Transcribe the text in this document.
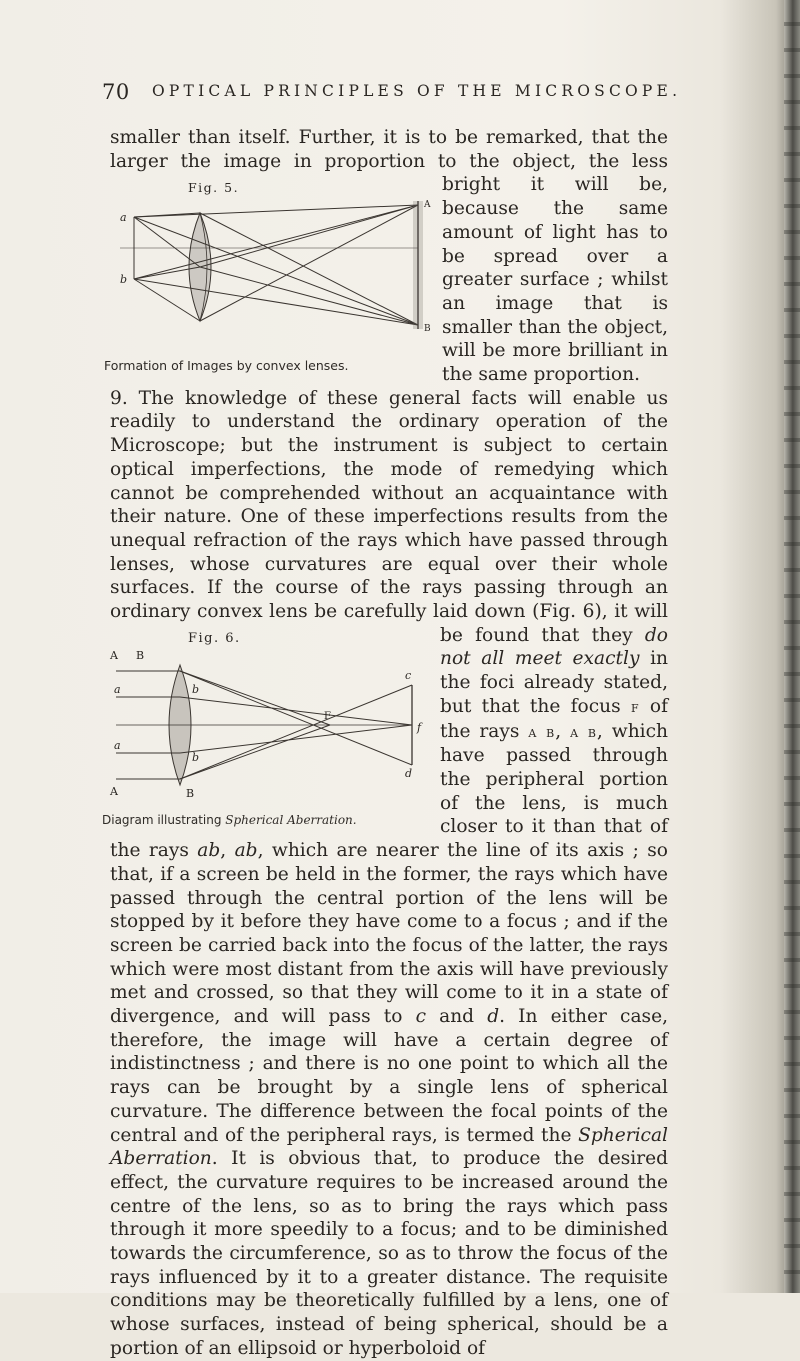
70 OPTICAL PRINCIPLES OF THE MICROSCOPE.

smaller than itself. Further, it is to be remarked, that the larger the image in proportion to the object, the less bright it
Fig. 5.
a
b
A
B
Formation of Images by convex lenses.
will be, because the same amount of light has to be spread over a greater surface ; whilst an image that is smaller than the object, will be more brilliant in the same proportion.

9. The knowledge of these general facts will enable us readily to understand the ordinary operation of the Microscope; but the instrument is subject to certain optical imperfections, the mode of remedying which cannot be comprehended without an acquaintance with their nature. One of these imperfections results from the unequal refraction of the rays which have passed through lenses, whose curvatures are equal over their whole surfaces. If the course of the rays passing through an ordinary convex lens be carefully laid down (Fig. 6), it will be found that they
Fig. 6.
A B
a	b
F
c
f
a
b
d
A	B
Diagram illustrating Spherical Aberration.
do not all meet exactly in the foci already stated, but that the focus f of the rays a b, a b, which have passed through the peripheral portion of the lens, is much closer to it than that of the rays ab, ab, which are nearer the line of its axis ; so that, if a screen be held in the former, the rays which have passed through the central portion of the lens will be stopped by it before they have come to a focus ; and if the screen be carried back into the focus of the latter, the rays which were most distant from the axis will have previously met and crossed, so that they will come to it in a state of divergence, and will pass to c and d. In either case, therefore, the image will have a certain degree of indistinctness ; and there is no one point to which all the rays can be brought by a single lens of spherical curvature. The difference between the focal points of the central and of the peripheral rays, is termed the Spherical Aberration. It is obvious that, to produce the desired effect, the curvature requires to be increased around the centre of the lens, so as to bring the rays which pass through it more speedily to a focus; and to be diminished towards the circumference, so as to throw the focus of the rays influenced by it to a greater distance. The requisite conditions may be theoretically fulfilled by a lens, one of whose surfaces, instead of being spherical, should be a portion of an ellipsoid or hyperboloid of
